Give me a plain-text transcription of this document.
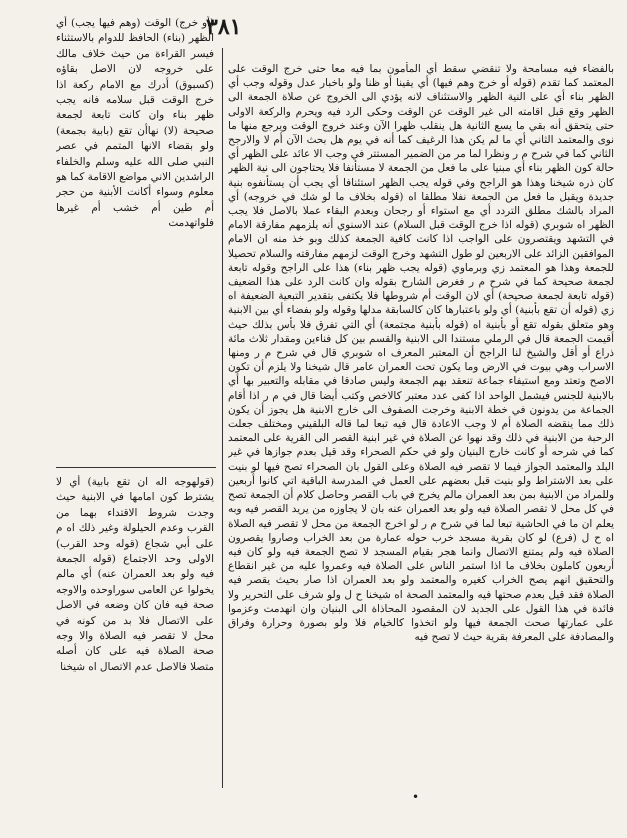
٣٨١

(أو خرج) الوقت (وهم فيها يجب) أي الظهر (بناء) الحافظ للدوام بالاستثناء فيسر القراءة من حيث خلاف مالك على خروجه لان الاصل بقاؤه (كسبوق) أدرك مع الامام ركعة اذا خرج الوقت قبل سلامه فانه يجب ظهر بناء وان كانت تابعة لجمعة صحيحة (لا) نهاأن تقع (بابية بجمعة) ولو بقضاء الانها المتمم في عصر النبي صلى الله عليه وسلم والخلفاء الراشدين الاني مواضع الاقامة كما هو معلوم وسواء أكانت الأبنية من حجر أم طين أم خشب أم غيرها فلواتهدمت

(قولهوجه اله ان تقع بابية) أي لا يشترط كون امامها في الابنية حيث وجدت شروط الاقتداء بهما من القرب وعدم الحيلولة وغير ذلك اه م على أبي شجاع (قوله وحد القرب) الاولى وحد الاجتماع (قوله الجمعة فيه ولو بعد العمران عنه) أي مالم يخولوا عن العامى سوراوحده والاوجه صحة فيه فان كان وضعه في الاصل على الاتصال فلا بد من كونه في محل لا تقصر فيه الصلاة والا وجه صحة الصلاة فيه على كان أصله متصلا فالاصل عدم الاتصال اه شيخنا

بالفضاء فيه مسامحة ولا تنقضي سقط أي المأمون بما فيه معا حتى خرج الوقت على المعتمد كما تقدم (قوله أو خرج وهم فيها) أي يقينا أو ظنا ولو باخبار عدل وقوله وجب أي الظهر بناء أي على النية الظهر والاستئناف لانه يؤدي الى الخروج عن صلاة الجمعة الى الظهر وقع قبل اقامته الى غير الوقت عن الوقت وحكى الرد فيه ويحرم والركعة الاولى حتى يتحقق أنه بقي ما يسع الثانية هل ينقلب ظهرا الآن وعند خروج الوقت ويرجع منها ما نوى والمعتمد الثاني أي ما لم يكن هذا الرغيف كما أنه في يوم هل بحث الآن أم لا والارجح الثاني كما في شرح م ر ونظرا لما مر من الضمير المستتر في وجب الا عائد على الظهر أي حالة كون الظهر بناء أي مبنيا على ما فعل من الجمعة لا مستأنفا فلا يحتاجون الى نية الظهر كان ذره شيخنا وهذا هو الراجح وفي قوله يجب الظهر استئنافا أي يجب أن يستأنفوه بنية جديدة ويقبل ما فعل من الجمعة نفلا مطلقا اه (قوله بخلاف ما لو شك في خروجه) أي المراد بالشك مطلق التردد أي مع استواء أو رجحان وبعدم البقاء عملا بالاصل فلا يجب الظهر اه شوبري (قوله اذا خرج الوقت قبل السلام) عند الاسنوي أنه يلزمهم مفارقة الامام في التشهد ويقتصرون على الواجب اذا كانت كافية الجمعة كذلك وبو خذ منه ان الامام الموافقين الزائد على الاربعين لو طول التشهد وخرج الوقت لزمهم مفارقته والسلام تحصيلا للجمعة وهذا هو المعتمد زي وبرماوي (قوله يجب ظهر بناء) هذا على الراجح وقوله تابعة لجمعة صحيحة كما في شرح م ر فغرض الشارح بقوله وان كانت الرد على هذا الضعيف (قوله تابعة لجمعة صحيحة) أي لان الوقت أم شروطها فلا يكتفى بتقدير التبعية الضعيفة اه زي (قوله أن تقع بأبنية) أي ولو باعتبارها كان كالسابقة مدلها وقوله ولو بفضاء أي بين الابنية وهو متعلق بقوله تقع أو بأبنية اه (قوله بأبنية مجتمعة) أي التي تفرق فلا بأس بذلك حيث أقيمت الجمعة قال في الرملي مستندا الى الابنية والقسم بين كل فناءين ومقدار ثلاث مائة ذراع أو أقل والشيخ لنا الراجح أن المعتبر المعرف اه شوبري قال في شرح م ر ومنها الاسراب وهي بيوت في الارض وما يكون تحت العمران عامر قال شيخنا ولا يلزم أن تكون الاصح وتعتد ومع استيفاء جماعة تنعقد بهم الجمعة وليس صادقا في مقابله والتعبير بها أي بالابنية للجنس فيشمل الواحد اذا كفى عدد معتبر كالاخص وكتب أيضا قال في م ر اذا أقام الجماعة من يدونون في خطة الابنية وخرجت الصفوف الى خارج الابنية هل يجوز أن يكون ذلك مما ينقضه الصلاة أم لا وجب الاعادة قال فيه تبعا لما قاله البلقيني ومختلف جعلت الرحبة من الابنية في ذلك وقد نهوا عن الصلاة في غير ابنية القصر الى القرية على المعتمد كما في شرحه أو كانت خارج البنيان ولو في حكم الصحراء وقد قيل بعدم جوازها في غير البلد والمعتمد الجواز فيما لا تقصر فيه الصلاة وعلى القول بان الصحراء تصح فيها لو بنيت على بعد الاشتراط ولو بنيت قبل بعضهم على العمل في المدرسة الباقية اتي كانوا أربعين وللمراد من الابنية بمن بعد العمران مالم يخرج في باب القصر وحاصل كلام أن الجمعة تصح في كل محل لا تقصر الصلاة فيه ولو بعد العمران عنه بان لا يجاوزه من يريد القصر فيه وبه يعلم ان ما في الحاشية تبعا لما في شرح م ر لو اخرج الجمعة من محل لا تقصر فيه الصلاة اه ح ل (فرع) لو كان بقرية مسجد خرب حوله عمارة من بعد الخراب وصاروا يقصرون الصلاة فيه ولم يمتنع الاتصال وانما هجر بقيام المسجد لا تصح الجمعة فيه ولو كان فيه أربعون كاملون بخلاف ما اذا استمر الناس على الصلاة فيه وعمروا عليه من غير انقطاع والتحقيق انهم يصح الخراب كغيره والمعتمد ولو بعد العمران اذا صار بحيث يقصر فيه الصلاة فقد قيل بعدم صحتها فيه والمعتمد الصحة اه شيخنا ح ل ولو شرف على التحرير ولا فائدة في هذا القول على الجديد لان المقصود المحاذاة الى البنيان وان انهدمت وعزموا على عمارتها صحت الجمعة فيها ولو اتخذوا كالخيام فلا ولو بصورة وحرارة وفراق والمصادفة على المعرفة بقرية حيث لا تصح فيه

•
